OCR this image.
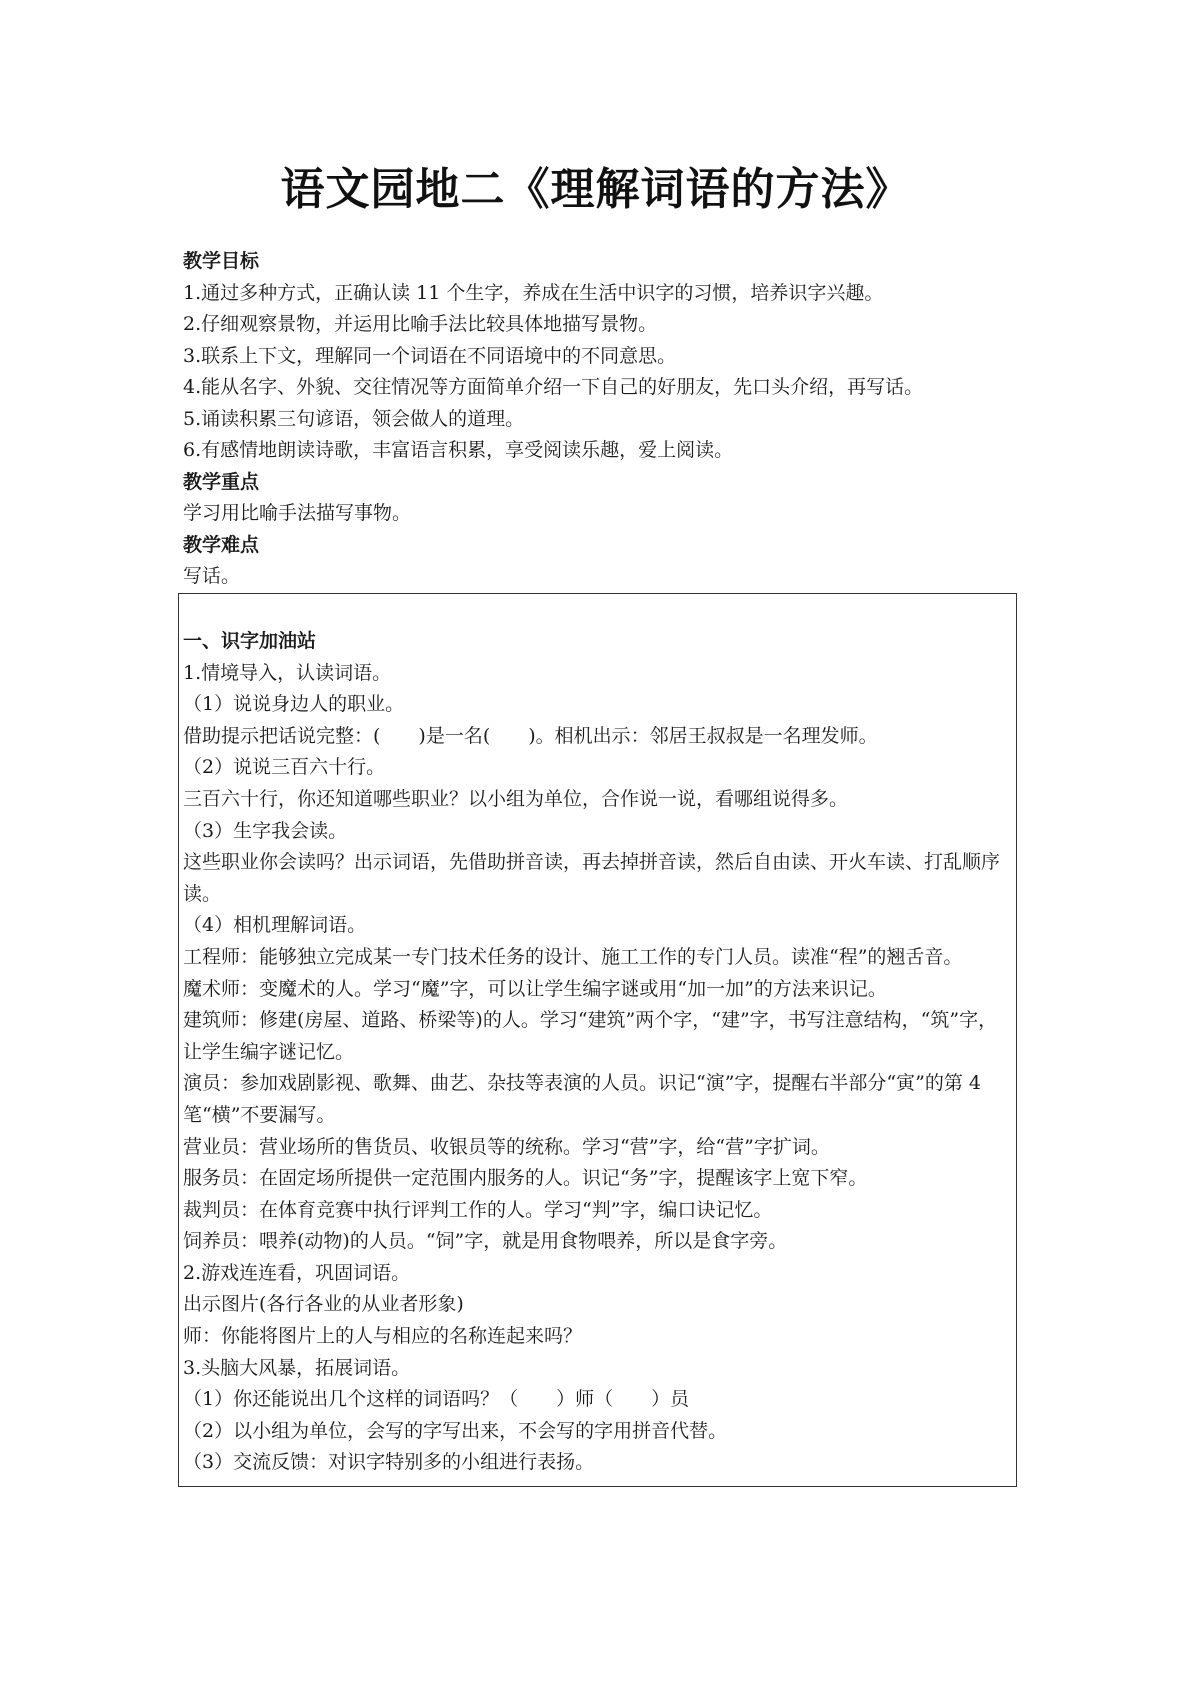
语文园地二《理解词语的方法》
教学目标
1.通过多种方式，正确认读 11 个生字，养成在生活中识字的习惯，培养识字兴趣。
2.仔细观察景物，并运用比喻手法比较具体地描写景物。
3.联系上下文，理解同一个词语在不同语境中的不同意思。
4.能从名字、外貌、交往情况等方面简单介绍一下自己的好朋友，先口头介绍，再写话。
5.诵读积累三句谚语，领会做人的道理。
6.有感情地朗读诗歌，丰富语言积累，享受阅读乐趣，爱上阅读。
教学重点
学习用比喻手法描写事物。
教学难点
写话。
一、识字加油站
1.情境导入，认读词语。
（1）说说身边人的职业。
借助提示把话说完整：(　　)是一名(　　)。相机出示：邻居王叔叔是一名理发师。
（2）说说三百六十行。
三百六十行，你还知道哪些职业？以小组为单位，合作说一说，看哪组说得多。
（3）生字我会读。
这些职业你会读吗？出示词语，先借助拼音读，再去掉拼音读，然后自由读、开火车读、打乱顺序读。
（4）相机理解词语。
工程师：能够独立完成某一专门技术任务的设计、施工工作的专门人员。读准“程”的翘舌音。
魔术师：变魔术的人。学习“魔”字，可以让学生编字谜或用“加一加”的方法来识记。
建筑师：修建(房屋、道路、桥梁等)的人。学习“建筑”两个字，“建”字，书写注意结构，“筑”字，让学生编字谜记忆。
演员：参加戏剧影视、歌舞、曲艺、杂技等表演的人员。识记“演”字，提醒右半部分“寅”的第 4 笔“横”不要漏写。
营业员：营业场所的售货员、收银员等的统称。学习“营”字，给“营”字扩词。
服务员：在固定场所提供一定范围内服务的人。识记“务”字，提醒该字上宽下窄。
裁判员：在体育竞赛中执行评判工作的人。学习“判”字，编口诀记忆。
饲养员：喂养(动物)的人员。“饲”字，就是用食物喂养，所以是食字旁。
2.游戏连连看，巩固词语。
出示图片(各行各业的从业者形象)
师：你能将图片上的人与相应的名称连起来吗？
3.头脑大风暴，拓展词语。
（1）你还能说出几个这样的词语吗？（　　）师（　　）员
（2）以小组为单位，会写的字写出来，不会写的字用拼音代替。
（3）交流反馈：对识字特别多的小组进行表扬。
